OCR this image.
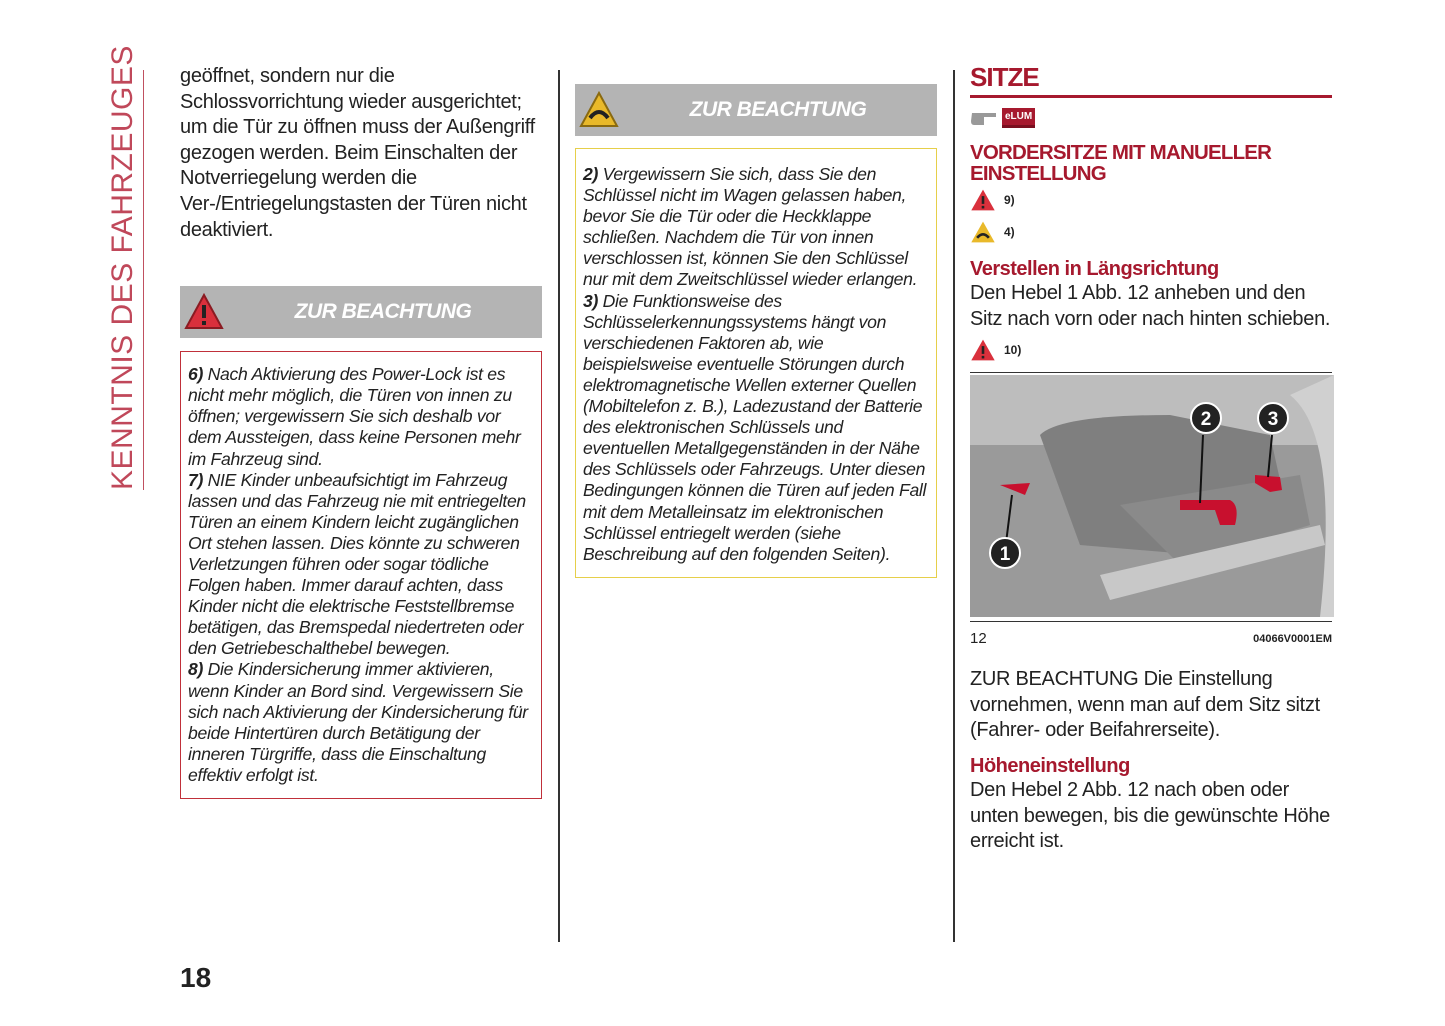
KENNTNIS DES FAHRZEUGES geöffnet, sondern nur die Schlossvorrichtung wieder ausgerichtet; um die Tür zu öffnen muss der Außengriff gezogen werden. Beim Einschalten der Notverriegelung werden die Ver-/Entriegelungstasten der Türen nicht deaktiviert.

ZUR BEACHTUNG

6) Nach Aktivierung des Power-Lock ist es nicht mehr möglich, die Türen von innen zu öffnen; vergewissern Sie sich deshalb vor dem Aussteigen, dass keine Personen mehr im Fahrzeug sind.

7) NIE Kinder unbeaufsichtigt im Fahrzeug lassen und das Fahrzeug nie mit entriegelten Türen an einem Kindern leicht zugänglichen Ort stehen lassen. Dies könnte zu schweren Verletzungen führen oder sogar tödliche Folgen haben. Immer darauf achten, dass Kinder nicht die elektrische Feststellbremse betätigen, das Bremspedal niedertreten oder den Getriebeschalthebel bewegen.

8) Die Kindersicherung immer aktivieren, wenn Kinder an Bord sind. Vergewissern Sie sich nach Aktivierung der Kindersicherung für beide Hintertüren durch Betätigung der inneren Türgriffe, dass die Einschaltung effektiv erfolgt ist.

18
ZUR BEACHTUNG

2) Vergewissern Sie sich, dass Sie den Schlüssel nicht im Wagen gelassen haben, bevor Sie die Tür oder die Heckklappe schließen. Nachdem die Tür von innen verschlossen ist, können Sie den Schlüssel nur mit dem Zweitschlüssel wieder erlangen.

3) Die Funktionsweise des Schlüsselerkennungssystems hängt von verschiedenen Faktoren ab, wie beispielsweise eventuelle Störungen durch elektromagnetische Wellen externer Quellen (Mobiltelefon z. B.), Ladezustand der Batterie des elektronischen Schlüssels und eventuellen Metallgegenständen in der Nähe des Schlüssels oder Fahrzeugs. Unter diesen Bedingungen können die Türen auf jeden Fall mit dem Metalleinsatz im elektronischen Schlüssel entriegelt werden (siehe Beschreibung auf den folgenden Seiten).

SITZE
eLUM
VORDERSITZE MIT MANUELLER EINSTELLUNG
9)
4)
Verstellen in Längsrichtung

Den Hebel 1 Abb. 12 anheben und den Sitz nach vorn oder nach hinten schieben.

10)
1
2	3
12	04066V0001EM

ZUR BEACHTUNG Die Einstellung vornehmen, wenn man auf dem Sitz sitzt (Fahrer- oder Beifahrerseite).

Höheneinstellung

Den Hebel 2 Abb. 12 nach oben oder unten bewegen, bis die gewünschte Höhe erreicht ist.
